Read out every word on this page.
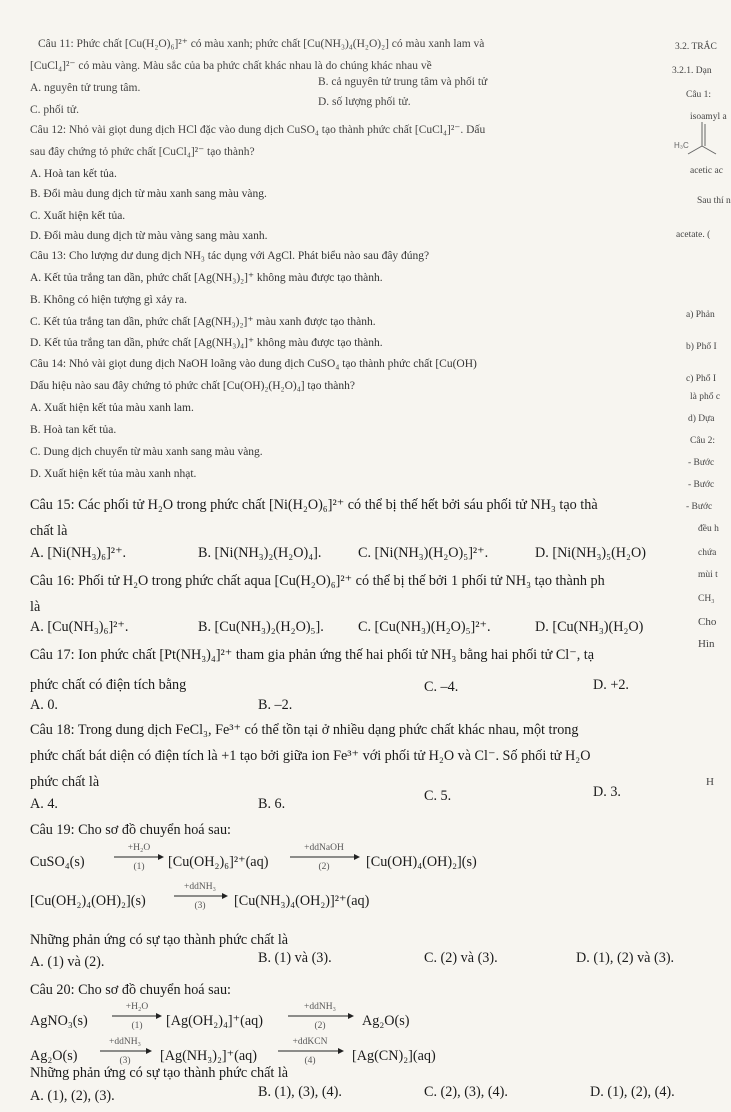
Câu 11: Phức chất [Cu(H₂O)₆]²⁺ có màu xanh; phức chất [Cu(NH₃)₄(H₂O)₂] có màu xanh lam và
[CuCl₄]²⁻ có màu vàng. Màu sắc của ba phức chất khác nhau là do chúng khác nhau về
B. cả nguyên tử trung tâm và phối tử
A. nguyên tử trung tâm.
D. số lượng phối tử.
C. phối tử.
Câu 12: Nhỏ vài giọt dung dịch HCl đặc vào dung dịch CuSO₄ tạo thành phức chất [CuCl₄]²⁻. Dấu
sau đây chứng tỏ phức chất [CuCl₄]²⁻ tạo thành?
A. Hoà tan kết tủa.
B. Đổi màu dung dịch từ màu xanh sang màu vàng.
C. Xuất hiện kết tủa.
D. Đổi màu dung dịch từ màu vàng sang màu xanh.
Câu 13: Cho lượng dư dung dịch NH₃ tác dụng với AgCl. Phát biểu nào sau đây đúng?
A. Kết tủa trắng tan dần, phức chất [Ag(NH₃)₂]⁺ không màu được tạo thành.
B. Không có hiện tượng gì xảy ra.
C. Kết tủa trắng tan dần, phức chất [Ag(NH₃)₂]⁺ màu xanh được tạo thành.
D. Kết tủa trắng tan dần, phức chất [Ag(NH₃)₄]⁺ không màu được tạo thành.
Câu 14: Nhỏ vài giọt dung dịch NaOH loãng vào dung dịch CuSO₄ tạo thành phức chất [Cu(OH)
Dấu hiệu nào sau đây chứng tỏ phức chất [Cu(OH)₂(H₂O)₄] tạo thành?
A. Xuất hiện kết tủa màu xanh lam.
B. Hoà tan kết tủa.
C. Dung dịch chuyển từ màu xanh sang màu vàng.
D. Xuất hiện kết tủa màu xanh nhạt.
3.2. TRẮC
3.2.1. Dạn
Câu 1:
isoamyl a
H₃C
acetic ac
Sau thí n
acetate. (
a) Phản
b) Phổ I
c) Phổ I
là phổ c
d) Dựa
Câu 2:
- Bước
- Bước
- Bước
đều h
chứa
mùi t
CH₃
Cho
Hìn
H
Câu 15: Các phối tử H₂O trong phức chất [Ni(H₂O)₆]²⁺ có thể bị thế hết bởi sáu phối tử NH₃ tạo thà
chất là
A. [Ni(NH₃)₆]²⁺.	B. [Ni(NH₃)₂(H₂O)₄].	C. [Ni(NH₃)(H₂O)₅]²⁺.	D. [Ni(NH₃)₅(H₂O)
Câu 16: Phối tử H₂O trong phức chất aqua [Cu(H₂O)₆]²⁺ có thể bị thế bởi 1 phối tử NH₃ tạo thành ph
là
A. [Cu(NH₃)₆]²⁺.	B. [Cu(NH₃)₂(H₂O)₅]. C. [Cu(NH₃)(H₂O)₅]²⁺.	D. [Cu(NH₃)(H₂O)
Câu 17: Ion phức chất [Pt(NH₃)₄]²⁺ tham gia phản ứng thế hai phối tử NH₃ bằng hai phối tử Cl⁻, tạ
phức chất có điện tích bằng
A. 0.	B. –2.
C. –4.	D. +2.
Câu 18: Trong dung dịch FeCl₃, Fe³⁺ có thể tồn tại ở nhiều dạng phức chất khác nhau, một trong
phức chất bát diện có điện tích là +1 tạo bởi giữa ion Fe³⁺ với phối tử H₂O và Cl⁻. Số phối tử H₂O
phức chất là
A. 4.	B. 6.	C. 5.	D. 3.
Câu 19: Cho sơ đồ chuyển hoá sau:
CuSO₄(s)
+H₂O
(1)	[Cu(OH₂)₆]²⁺(aq)
+ddNaOH
(2)	[Cu(OH)₄(OH)₂](s)
[Cu(OH₂)₄(OH)₂](s)
+ddNH₃
(3)	[Cu(NH₃)₄(OH₂)]²⁺(aq)
Những phản ứng có sự tạo thành phức chất là
A. (1) và (2).	B. (1) và (3).	C. (2) và (3).	D. (1), (2) và (3).
Câu 20: Cho sơ đồ chuyển hoá sau:
AgNO₃(s)
+H₂O
(1)	[Ag(OH₂)₄]⁺(aq)
+ddNH₃
(2)	Ag₂O(s)
Ag₂O(s)
+ddNH₃
(3)	[Ag(NH₃)₂]⁺(aq)
+ddKCN
(4)	[Ag(CN)₂](aq)
Những phản ứng có sự tạo thành phức chất là
A. (1), (2), (3).	B. (1), (3), (4).	C. (2), (3), (4).	D. (1), (2), (4).
